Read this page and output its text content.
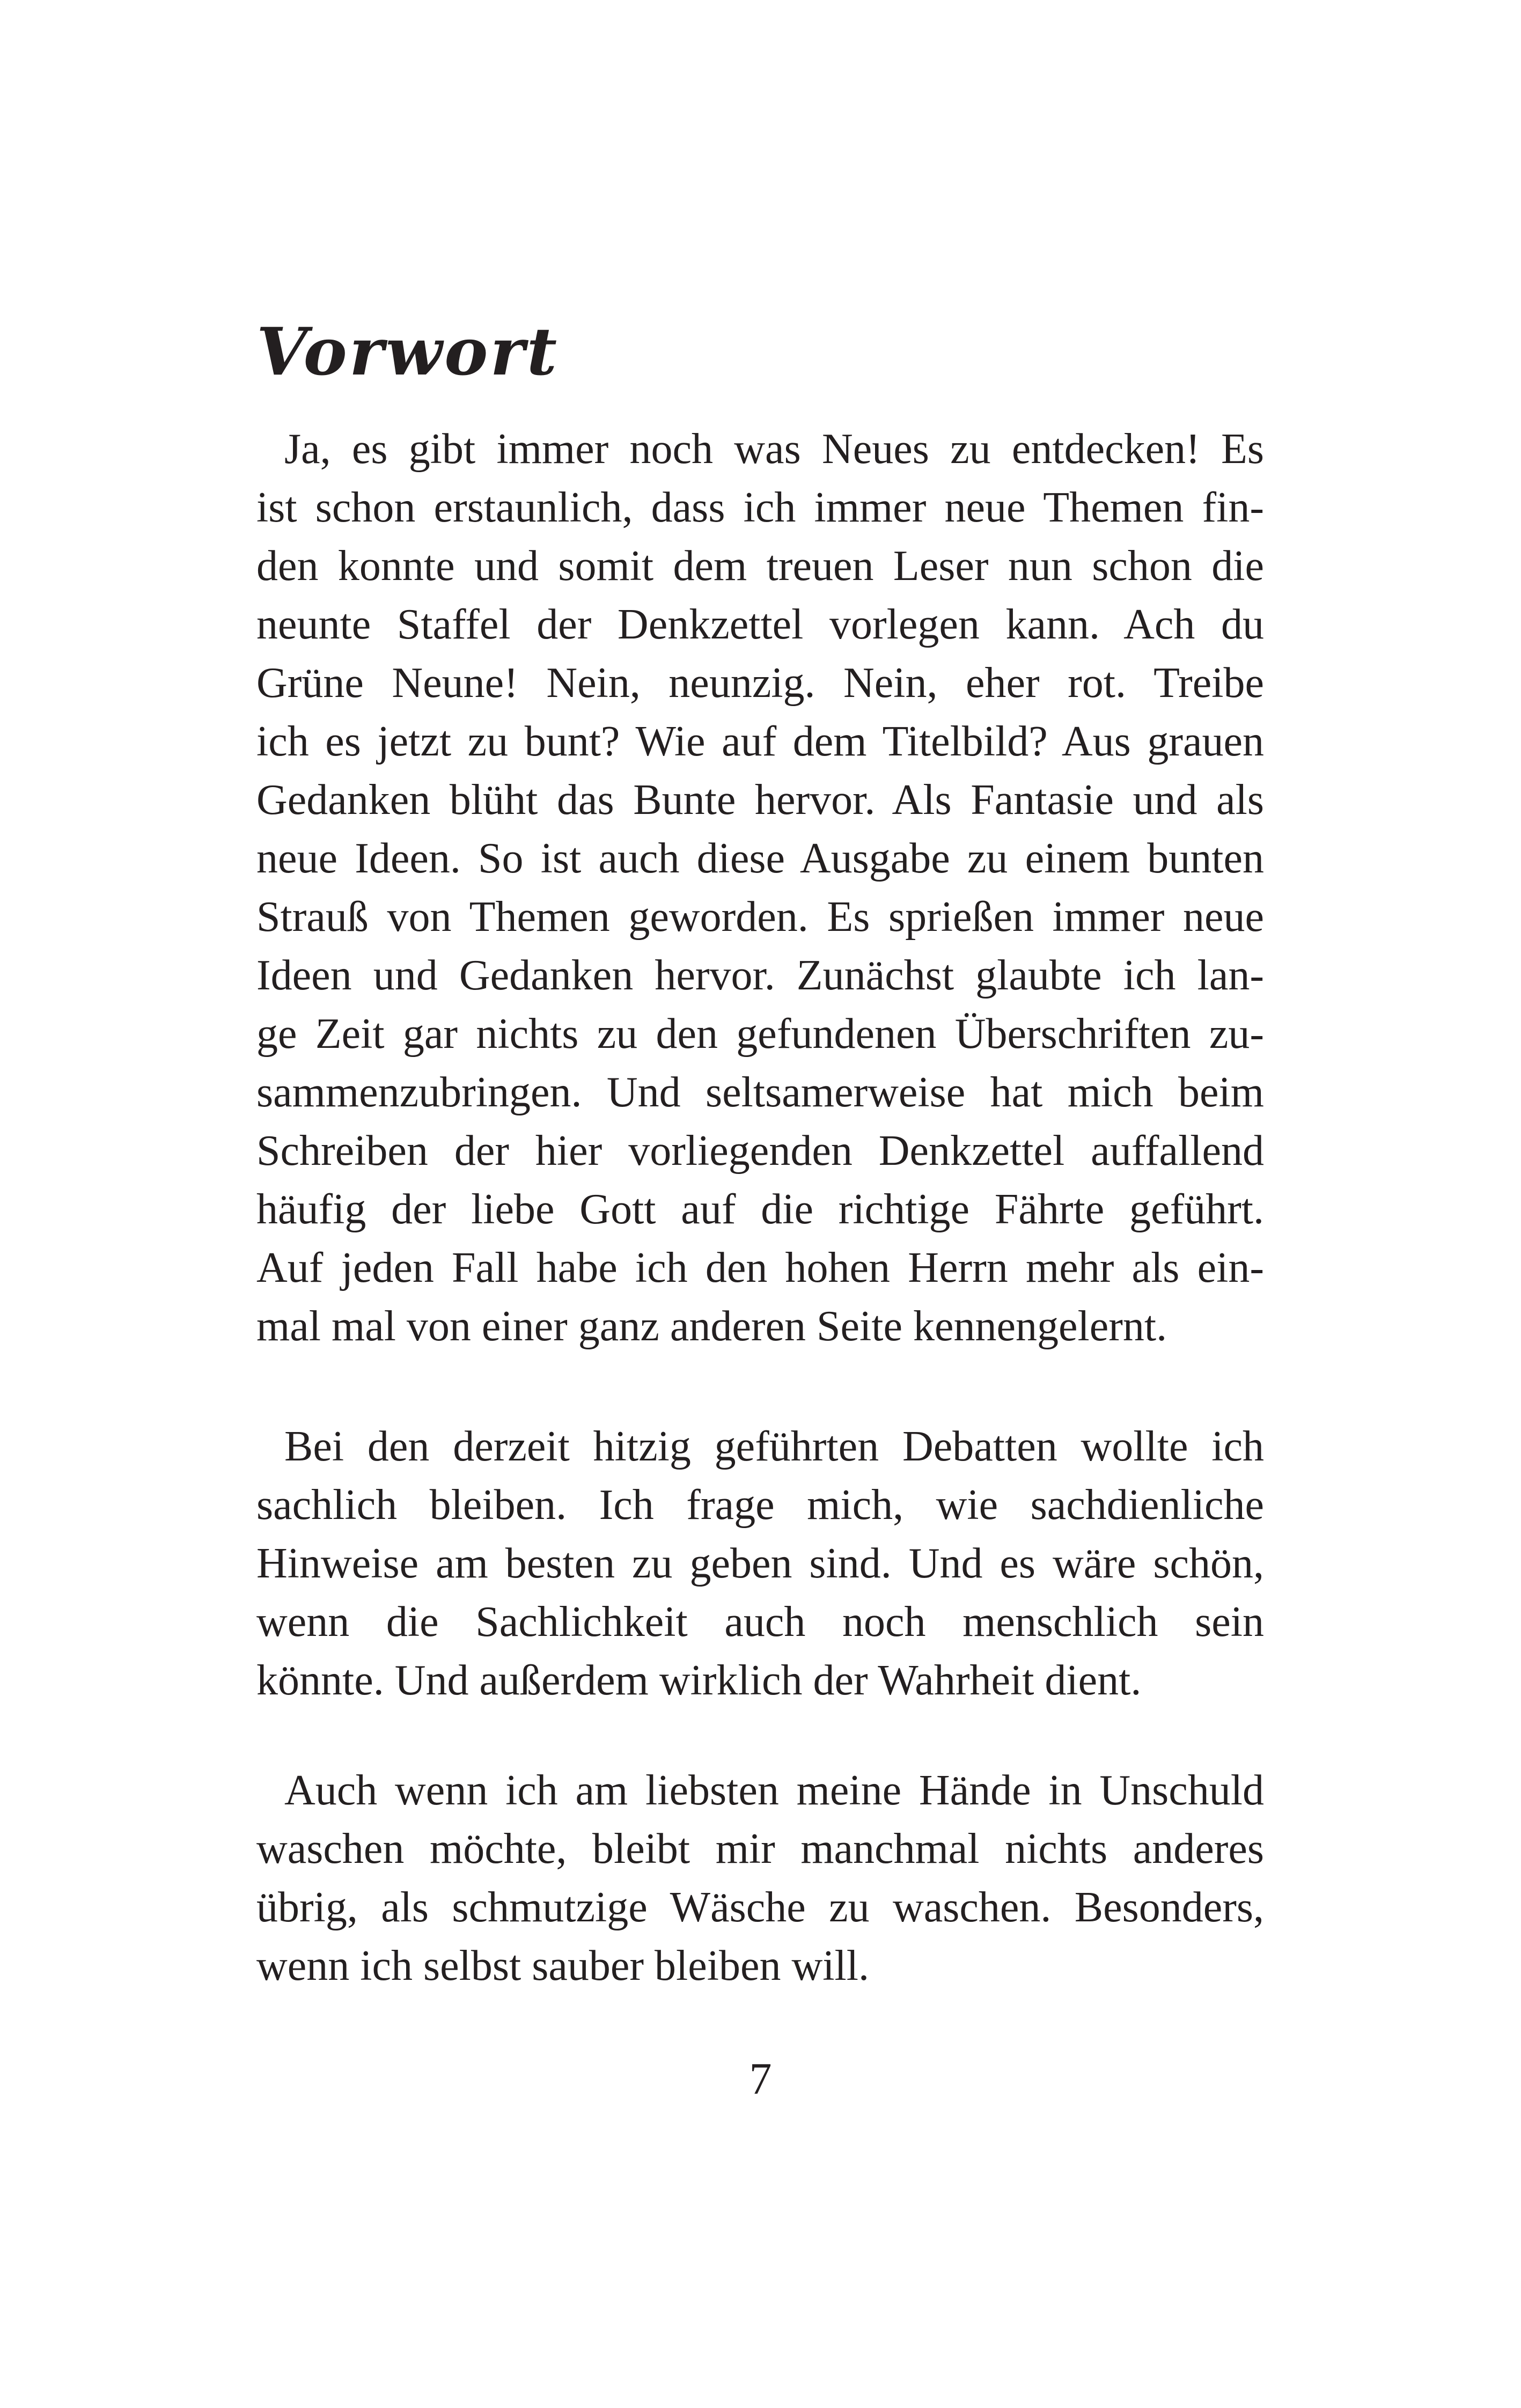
Vorwort

Ja, es gibt immer noch was Neues zu entdecken! Es
ist schon erstaunlich, dass ich immer neue Themen fin-
den konnte und somit dem treuen Leser nun schon die
neunte Staffel der Denkzettel vorlegen kann. Ach du
Grüne Neune! Nein, neunzig. Nein, eher rot. Treibe
ich es jetzt zu bunt? Wie auf dem Titelbild? Aus grauen
Gedanken blüht das Bunte hervor. Als Fantasie und als
neue Ideen. So ist auch diese Ausgabe zu einem bunten
Strauß von Themen geworden. Es sprießen immer neue
Ideen und Gedanken hervor. Zunächst glaubte ich lan-
ge Zeit gar nichts zu den gefundenen Überschriften zu-
sammenzubringen. Und seltsamerweise hat mich beim
Schreiben der hier vorliegenden Denkzettel auffallend
häufig der liebe Gott auf die richtige Fährte geführt.
Auf jeden Fall habe ich den hohen Herrn mehr als ein-
mal mal von einer ganz anderen Seite kennengelernt.

Bei den derzeit hitzig geführten Debatten wollte ich
sachlich bleiben. Ich frage mich, wie sachdienliche
Hinweise am besten zu geben sind. Und es wäre schön,
wenn die Sachlichkeit auch noch menschlich sein
könnte. Und außerdem wirklich der Wahrheit dient.

Auch wenn ich am liebsten meine Hände in Unschuld
waschen möchte, bleibt mir manchmal nichts anderes
übrig, als schmutzige Wäsche zu waschen. Besonders,
wenn ich selbst sauber bleiben will.

7
